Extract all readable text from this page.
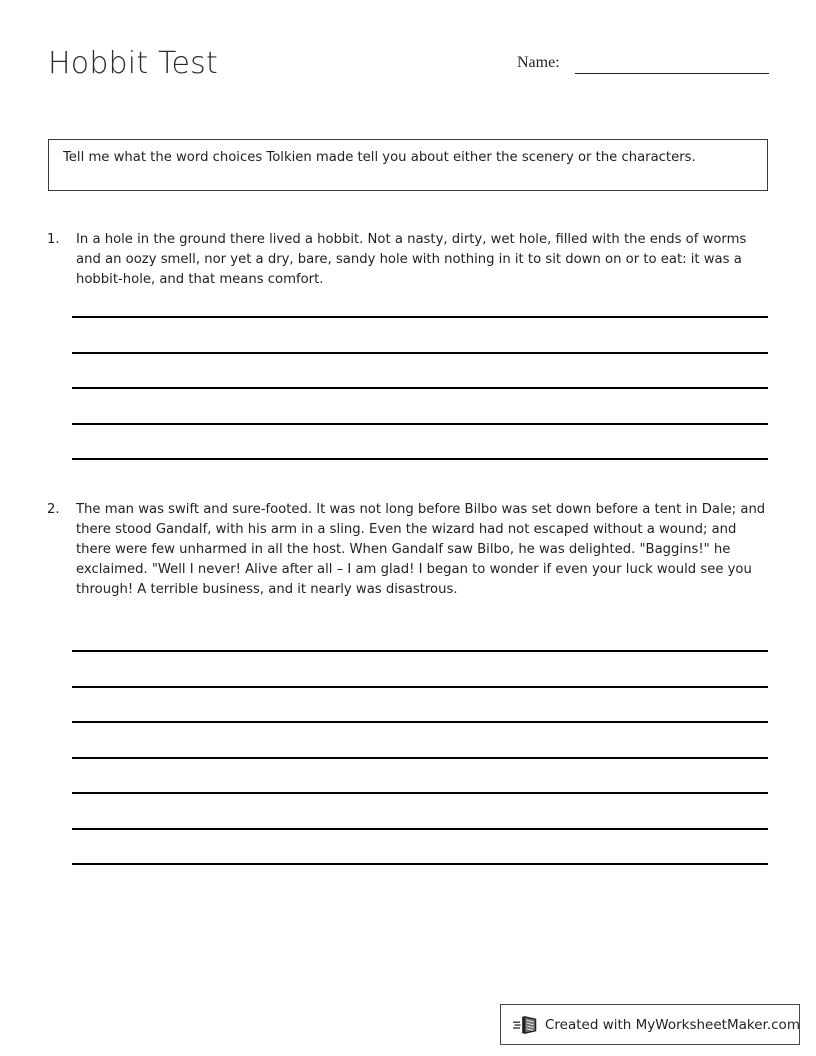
Hobbit Test	Name:
Tell me what the word choices Tolkien made tell you about either the scenery or the characters.
1.	In a hole in the ground there lived a hobbit. Not a nasty, dirty, wet hole, filled with the ends of worms and an oozy smell, nor yet a dry, bare, sandy hole with nothing in it to sit down on or to eat: it was a hobbit-hole, and that means comfort.
2.	The man was swift and sure-footed. It was not long before Bilbo was set down before a tent in Dale; and there stood Gandalf, with his arm in a sling. Even the wizard had not escaped without a wound; and there were few unharmed in all the host. When Gandalf saw Bilbo, he was delighted. "Baggins!" he exclaimed. "Well I never! Alive after all – I am glad! I began to wonder if even your luck would see you through! A terrible business, and it nearly was disastrous.
Created with MyWorksheetMaker.com
